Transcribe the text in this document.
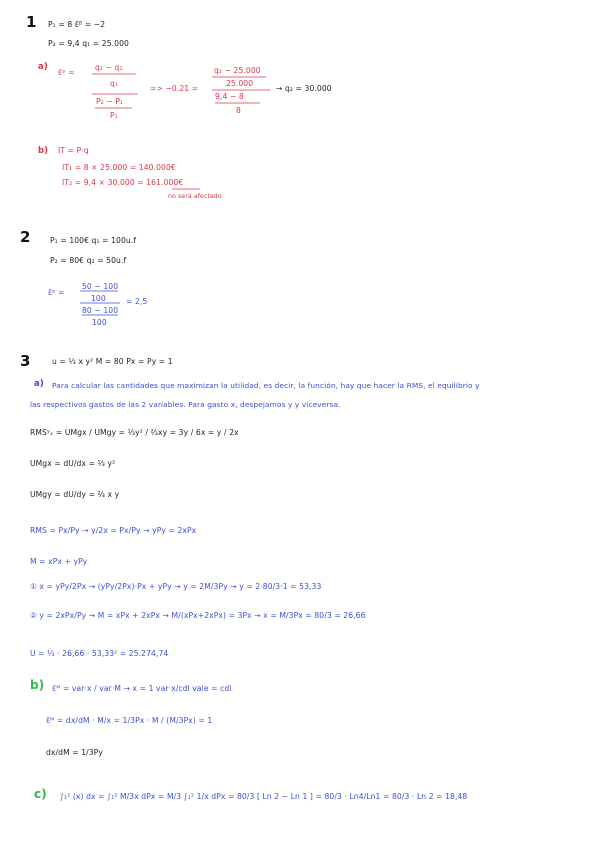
1 P₁ = 8 ε̄ᵖ̄ = −2
P₂ = 9,4 q₁ = 25.000
a)
ε̄ᵖ =
q₂ − q₁
q₁
P₂ − P₁
P₁
=> −0.21 =
q₂ − 25.000
25.000
9,4 − 8
8
→ q₂ = 30.000
b) IT = P·q
IT₁ = 8 × 25.000 = 140.000€
IT₂ = 9,4 × 30.000 = 161.000€
no será afectado
2	P₁ = 100€ q₁ = 100u.f
P₂ = 80€ q₂ = 50u.f
ε̄ᵖ =
50 − 100
100
80 − 100
100
= 2,5
3	u = ⅓ x y² M = 80 Px = Py = 1
a) Para calcular las cantidades que maximizan la utilidad, es decir, la función, hay que hacer la RMS, el equilibrio y
las respectivos gastos de las 2 variables. Para gasto x, despejamos y y viceversa.
RMSʸₓ = UMgx / UMgy = ⅓y² / ⅔xy = 3y / 6x = y / 2x
UMgx = dU/dx = ⅓ y²
UMgy = dU/dy = ⅔ x y
RMS = Px/Py → y/2x = Px/Py → yPy = 2xPx
M = xPx + yPy
① x = yPy/2Px → (yPy/2Px)·Px + yPy → y = 2M/3Py → y = 2·80/3·1 = 53,33
② y = 2xPx/Py → M = xPx + 2xPx → M/(xPx+2xPx) = 3Px → x = M/3Px = 80/3 = 26,66
U = ⅓ · 26,66 · 53,33² = 25.274,74
b) ε̄ᴹ = var·x / var·M → x = 1 var·x/cdl vale = cdl
ε̄ᴹ = dx/dM · M/x = 1/3Px · M / (M/3Px) = 1
dx/dM = 1/3Py
c) ∫₁² (x) dx = ∫₁² M/3x dPx = M/3 ∫₁² 1/x dPx = 80/3 [ Ln 2 − Ln 1 ] = 80/3 · Ln4/Ln1 = 80/3 · Ln 2 = 18,48
